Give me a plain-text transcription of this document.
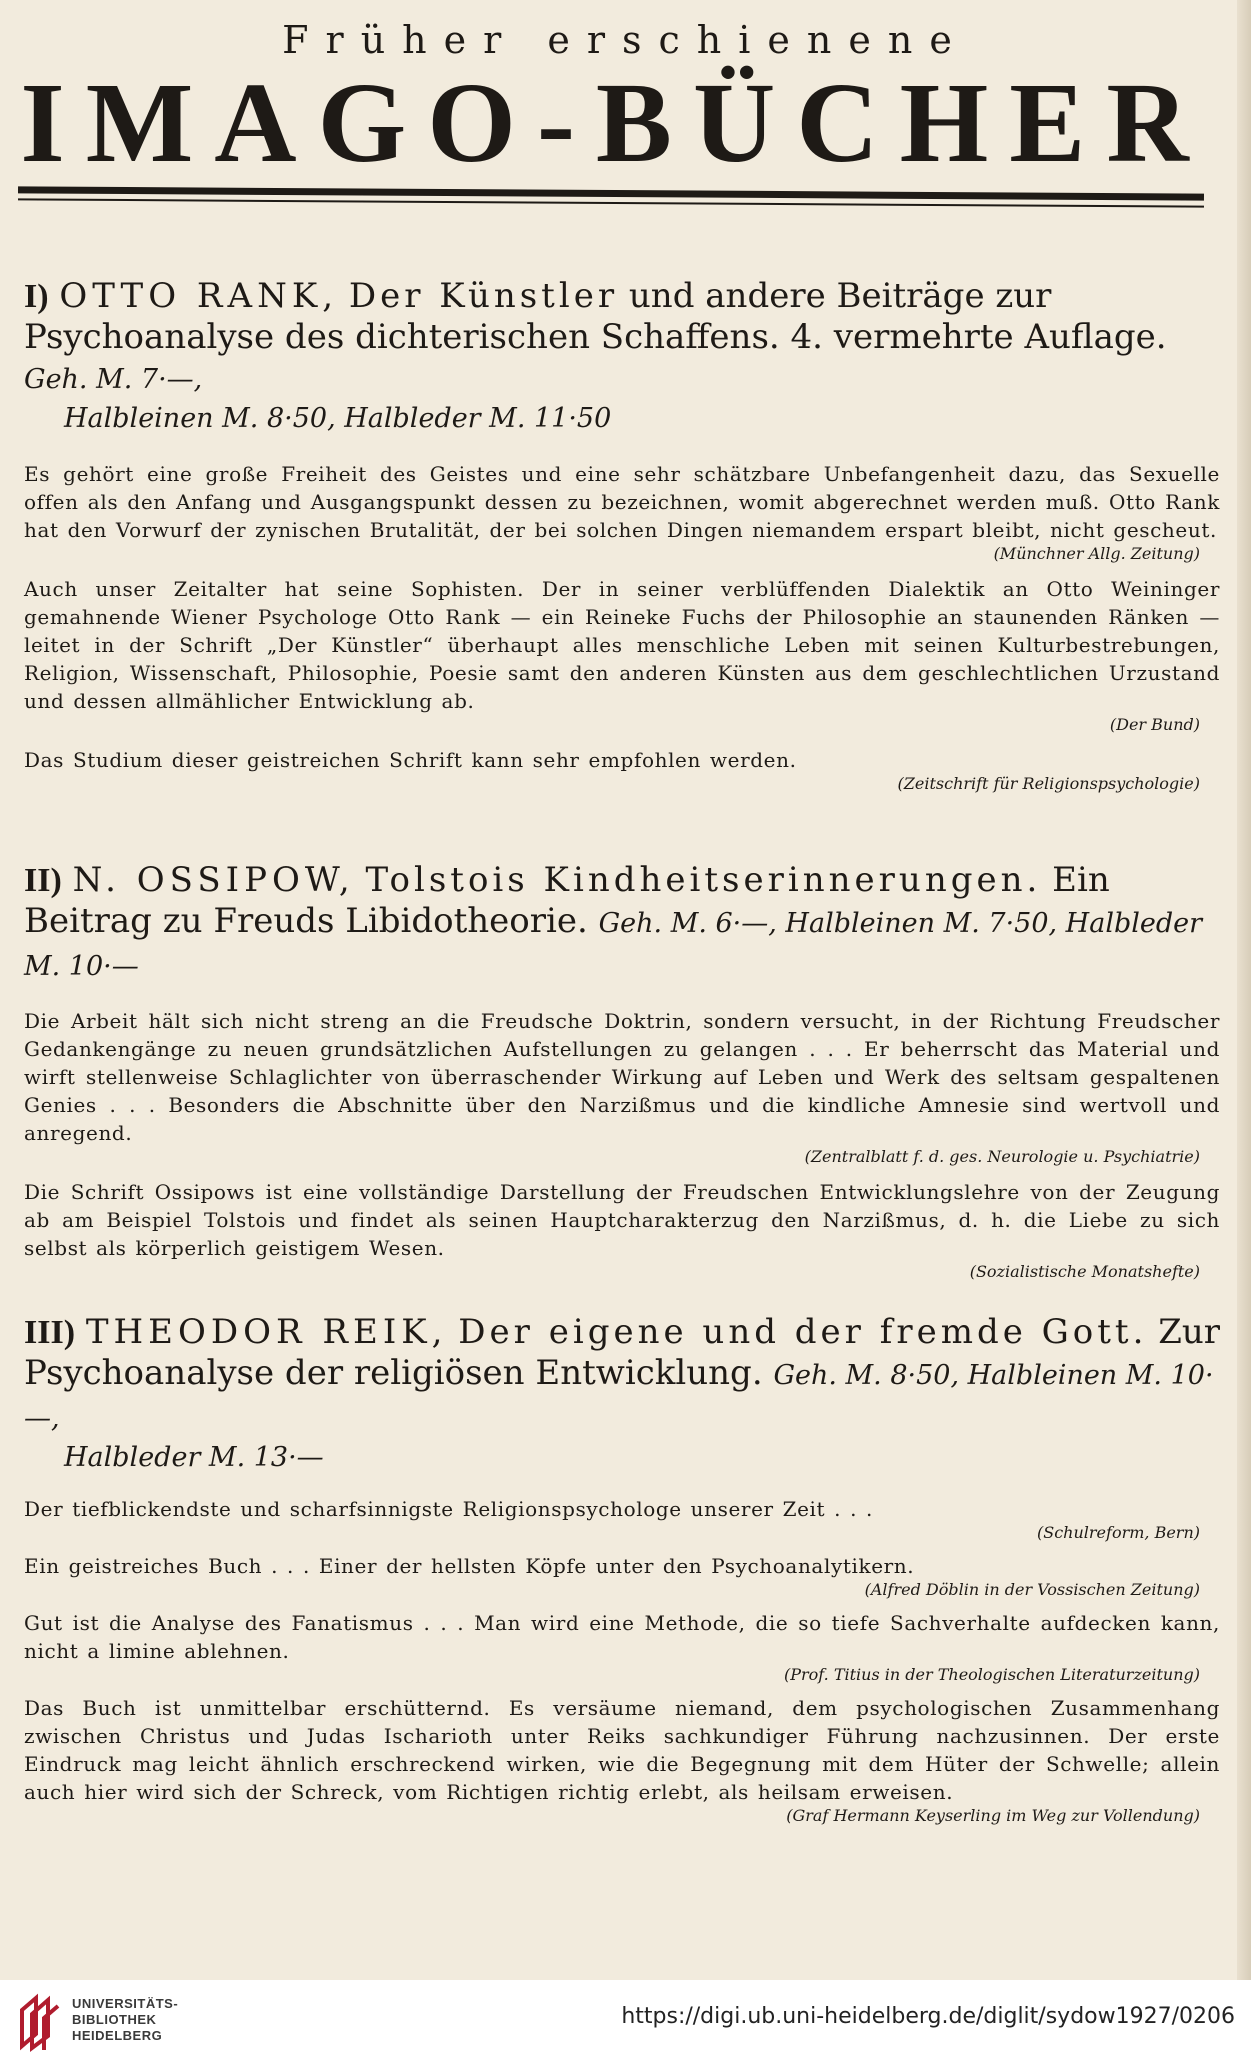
Früher erschienene
IMAGO-BÜCHER
I) OTTO RANK, Der Künstler und andere Beiträge zur Psychoanalyse des dichterischen Schaffens. 4. vermehrte Auflage. Geh. M. 7·—,
Halbleinen M. 8·50, Halbleder M. 11·50

Es gehört eine große Freiheit des Geistes und eine sehr schätzbare Unbefangenheit dazu, das Sexuelle offen als den Anfang und Ausgangspunkt dessen zu bezeichnen, womit abgerechnet werden muß. Otto Rank hat den Vorwurf der zynischen Brutalität, der bei solchen Dingen niemandem erspart bleibt, nicht gescheut.

(Münchner Allg. Zeitung)

Auch unser Zeitalter hat seine Sophisten. Der in seiner verblüffenden Dialektik an Otto Weininger gemahnende Wiener Psychologe Otto Rank — ein Reineke Fuchs der Philosophie an staunenden Ränken — leitet in der Schrift „Der Künstler“ überhaupt alles menschliche Leben mit seinen Kulturbestrebungen, Religion, Wissenschaft, Philosophie, Poesie samt den anderen Künsten aus dem geschlechtlichen Urzustand und dessen allmählicher Entwicklung ab.

(Der Bund)

Das Studium dieser geistreichen Schrift kann sehr empfohlen werden.

(Zeitschrift für Religionspsychologie)
II) N. OSSIPOW, Tolstois Kindheitserinnerungen. Ein Beitrag zu Freuds Libidotheorie. Geh. M. 6·—, Halbleinen M. 7·50, Halbleder M. 10·—

Die Arbeit hält sich nicht streng an die Freudsche Doktrin, sondern versucht, in der Richtung Freudscher Gedankengänge zu neuen grundsätzlichen Aufstellungen zu gelangen . . . Er beherrscht das Material und wirft stellenweise Schlaglichter von überraschender Wirkung auf Leben und Werk des seltsam gespaltenen Genies . . . Besonders die Abschnitte über den Narzißmus und die kindliche Amnesie sind wertvoll und anregend.

(Zentralblatt f. d. ges. Neurologie u. Psychiatrie)

Die Schrift Ossipows ist eine vollständige Darstellung der Freudschen Entwicklungslehre von der Zeugung ab am Beispiel Tolstois und findet als seinen Hauptcharakterzug den Narzißmus, d. h. die Liebe zu sich selbst als körperlich geistigem Wesen.

(Sozialistische Monatshefte)
III) THEODOR REIK, Der eigene und der fremde Gott. Zur Psychoanalyse der religiösen Entwicklung. Geh. M. 8·50, Halbleinen M. 10·—,
Halbleder M. 13·—

Der tiefblickendste und scharfsinnigste Religionspsychologe unserer Zeit . . .

(Schulreform, Bern)

Ein geistreiches Buch . . . Einer der hellsten Köpfe unter den Psychoanalytikern.

(Alfred Döblin in der Vossischen Zeitung)

Gut ist die Analyse des Fanatismus . . . Man wird eine Methode, die so tiefe Sachverhalte aufdecken kann, nicht a limine ablehnen.

(Prof. Titius in der Theologischen Literaturzeitung)

Das Buch ist unmittelbar erschütternd. Es versäume niemand, dem psychologischen Zusammenhang zwischen Christus und Judas Ischarioth unter Reiks sachkundiger Führung nachzusinnen. Der erste Eindruck mag leicht ähnlich erschreckend wirken, wie die Begegnung mit dem Hüter der Schwelle; allein auch hier wird sich der Schreck, vom Richtigen richtig erlebt, als heilsam erweisen.

(Graf Hermann Keyserling im Weg zur Vollendung)
UNIVERSITÄTS-
BIBLIOTHEK
HEIDELBERG
https://digi.ub.uni-heidelberg.de/diglit/sydow1927/0206
